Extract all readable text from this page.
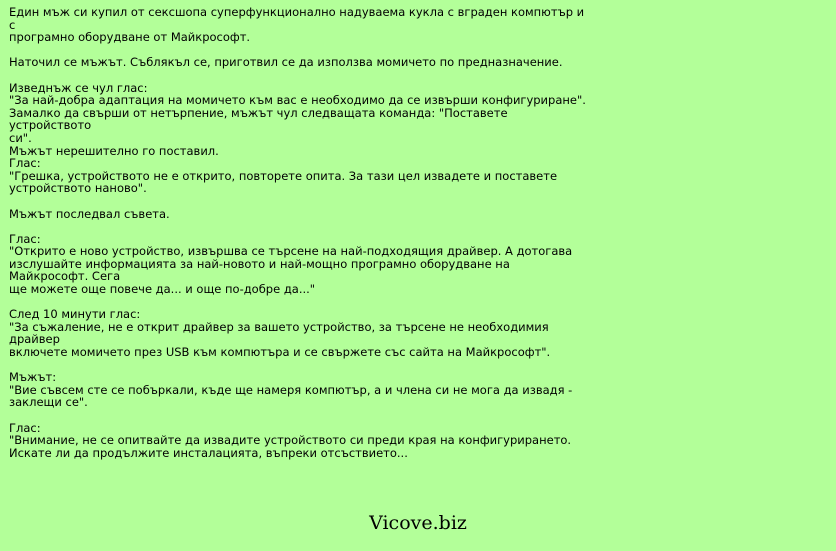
Един мъж си купил от сексшопа суперфункционално надуваема кукла с вграден компютър и с
програмно оборудване от Майкрософт.
Наточил се мъжът. Съблякъл се, приготвил се да използва момичето по предназначение.
Изведнъж се чул глас:
"За най-добра адаптация на момичето към вас е необходимо да се извърши конфигуриране".
Замалко да свърши от нетърпение, мъжът чул следващата команда: "Поставете устройството
си".
Мъжът нерешително го поставил.
Глас:
"Грешка, устройството не е открито, повторете опита. За тази цел извадете и поставете
устройството наново".
Мъжът последвал съвета.
Глас:
"Открито е ново устройство, извършва се търсене на най-подходящия драйвер. А дотогава
изслушайте информацията за най-новото и най-мощно програмно оборудване на Майкрософт. Сега
ще можете още повече да... и още по-добре да..."
След 10 минути глас:
"За съжаление, не е открит драйвер за вашето устройство, за търсене не необходимия драйвер
включете момичето през USB към компютъра и се свържете със сайта на Майкрософт".
Мъжът:
"Вие съвсем сте се побъркали, къде ще намеря компютър, а и члена си не мога да извадя -
заклещи се".
Глас:
"Внимание, не се опитвайте да извадите устройството си преди края на конфигурирането.
Искате ли да продължите инсталацията, въпреки отсъствието...
Vicove.biz
